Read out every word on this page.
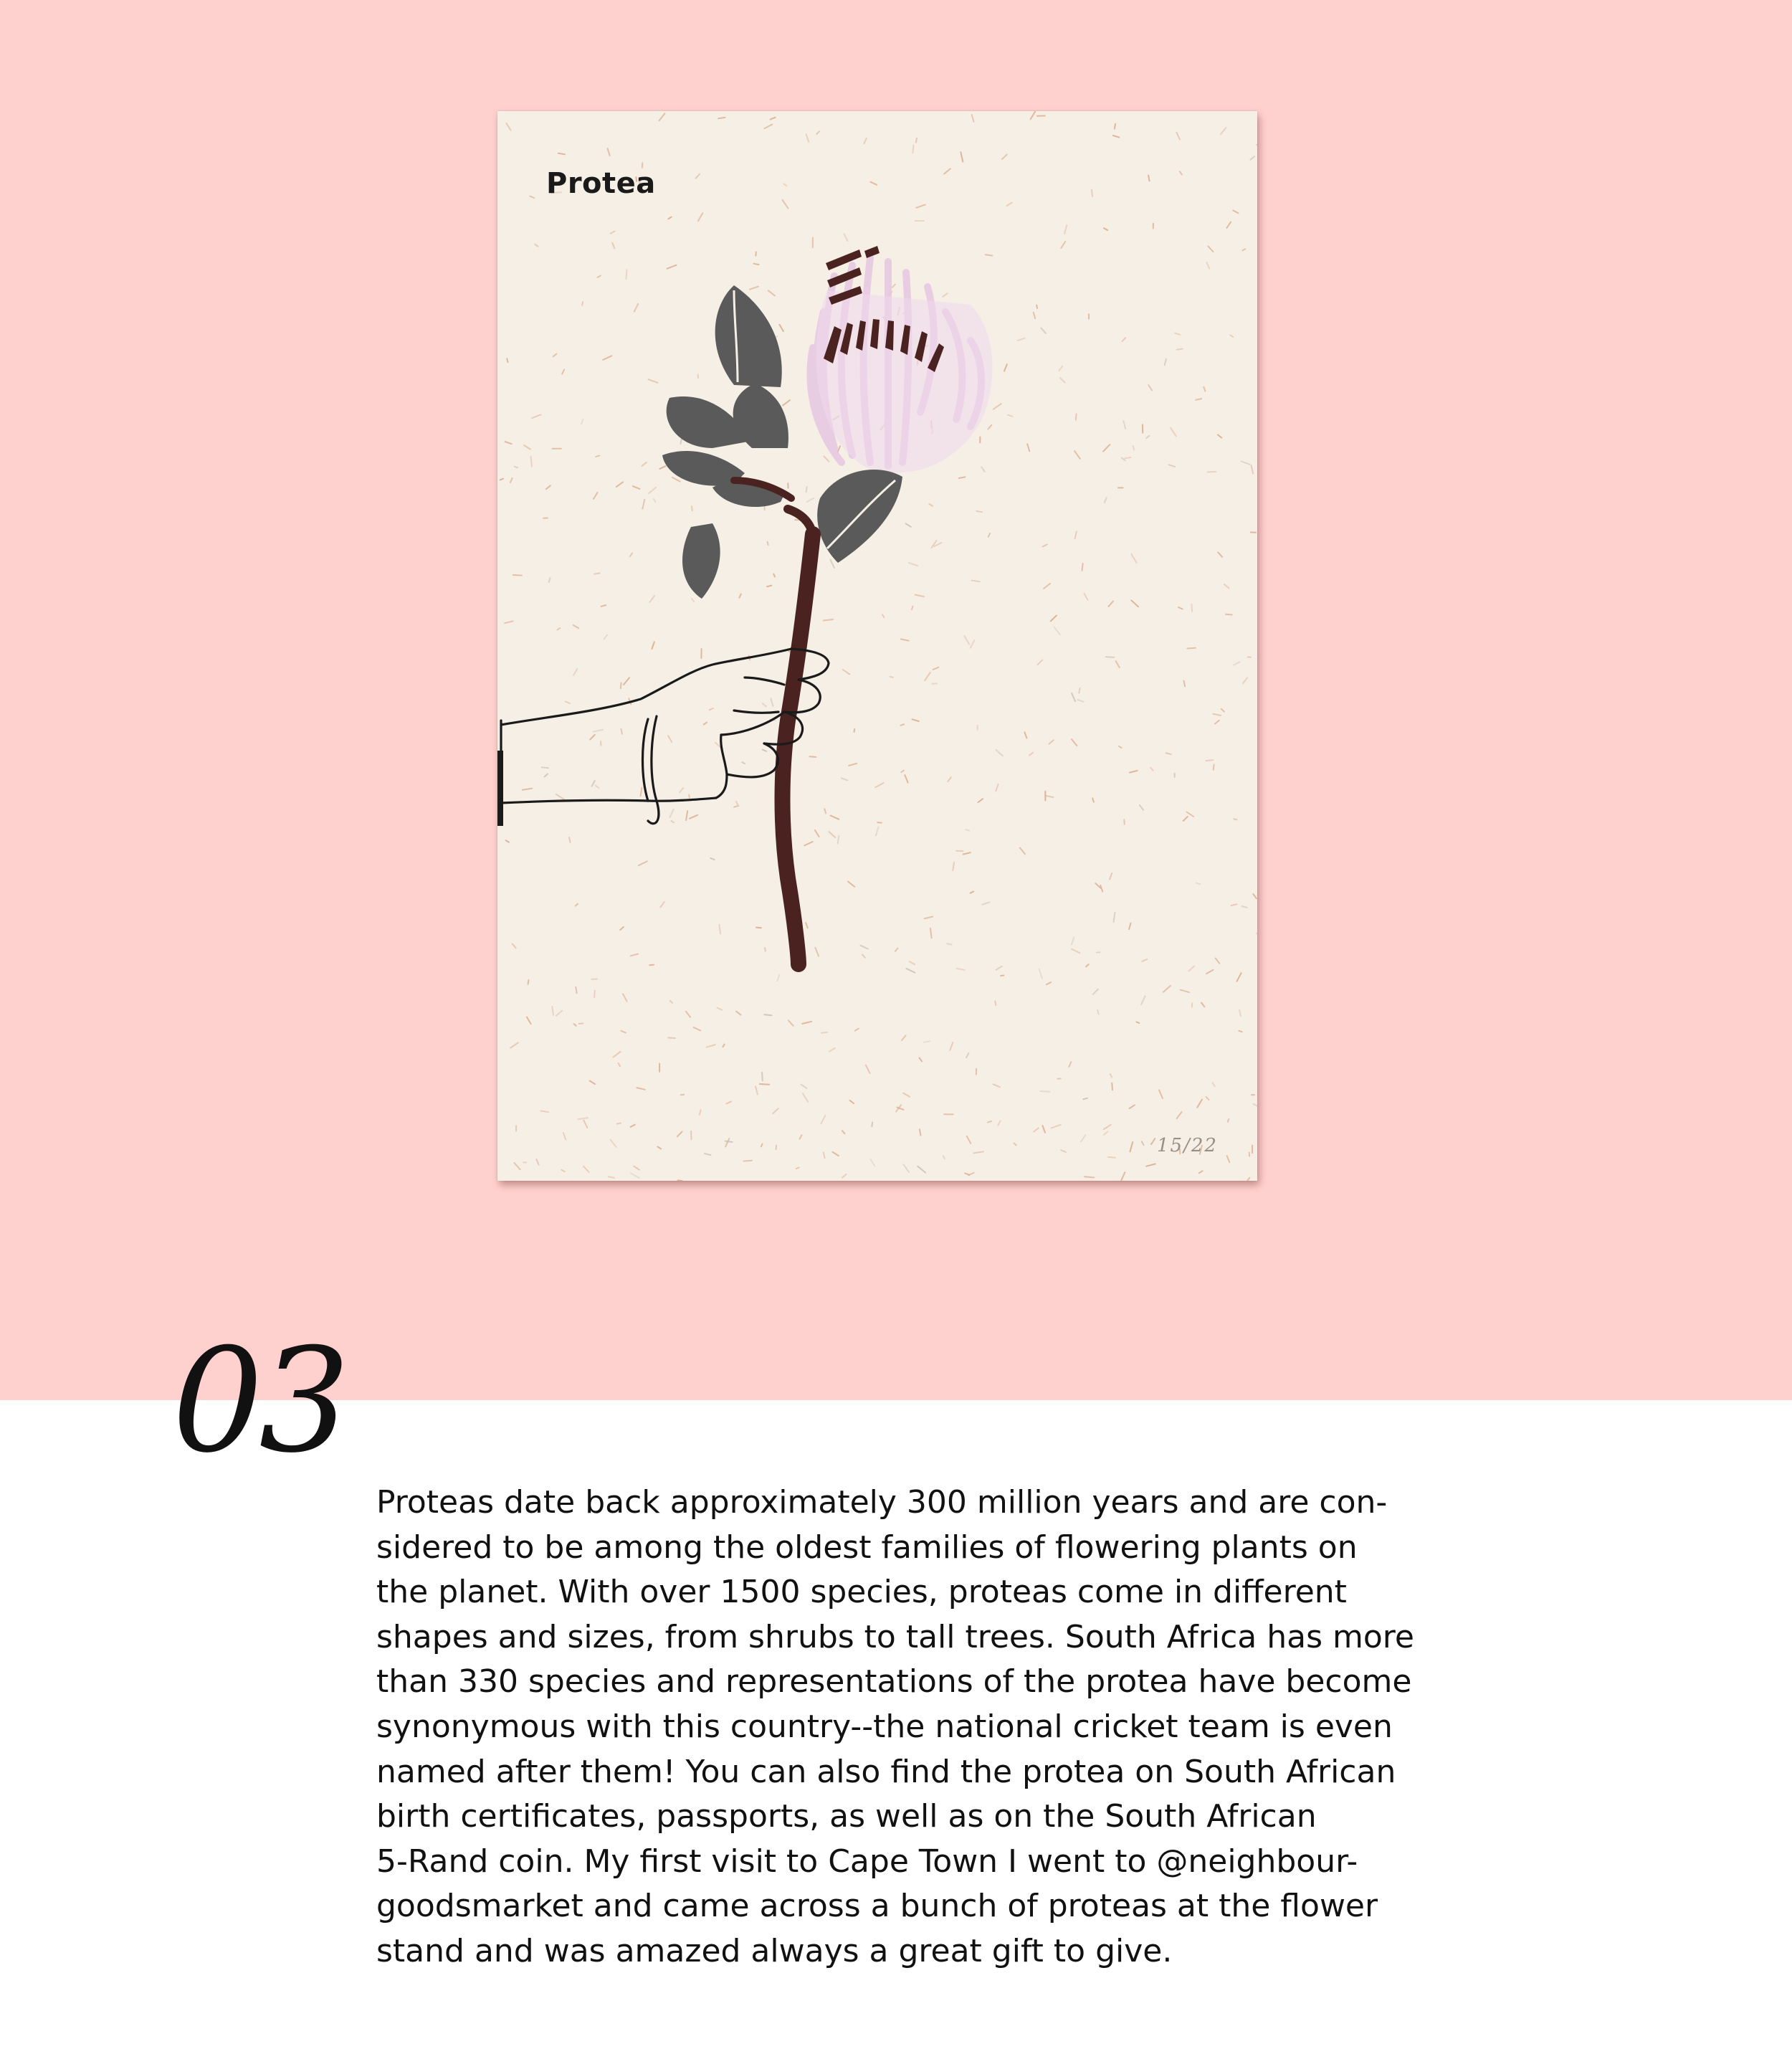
Protea
15/22
03

Proteas date back approximately 300 million years and are con-
sidered to be among the oldest families of flowering plants on
the planet. With over 1500 species, proteas come in different
shapes and sizes, from shrubs to tall trees. South Africa has more
than 330 species and representations of the protea have become
synonymous with this country--the national cricket team is even
named after them! You can also find the protea on South African
birth certificates, passports, as well as on the South African
5-Rand coin. My first visit to Cape Town I went to @neighbour-
goodsmarket and came across a bunch of proteas at the flower
stand and was amazed always a great gift to give.
